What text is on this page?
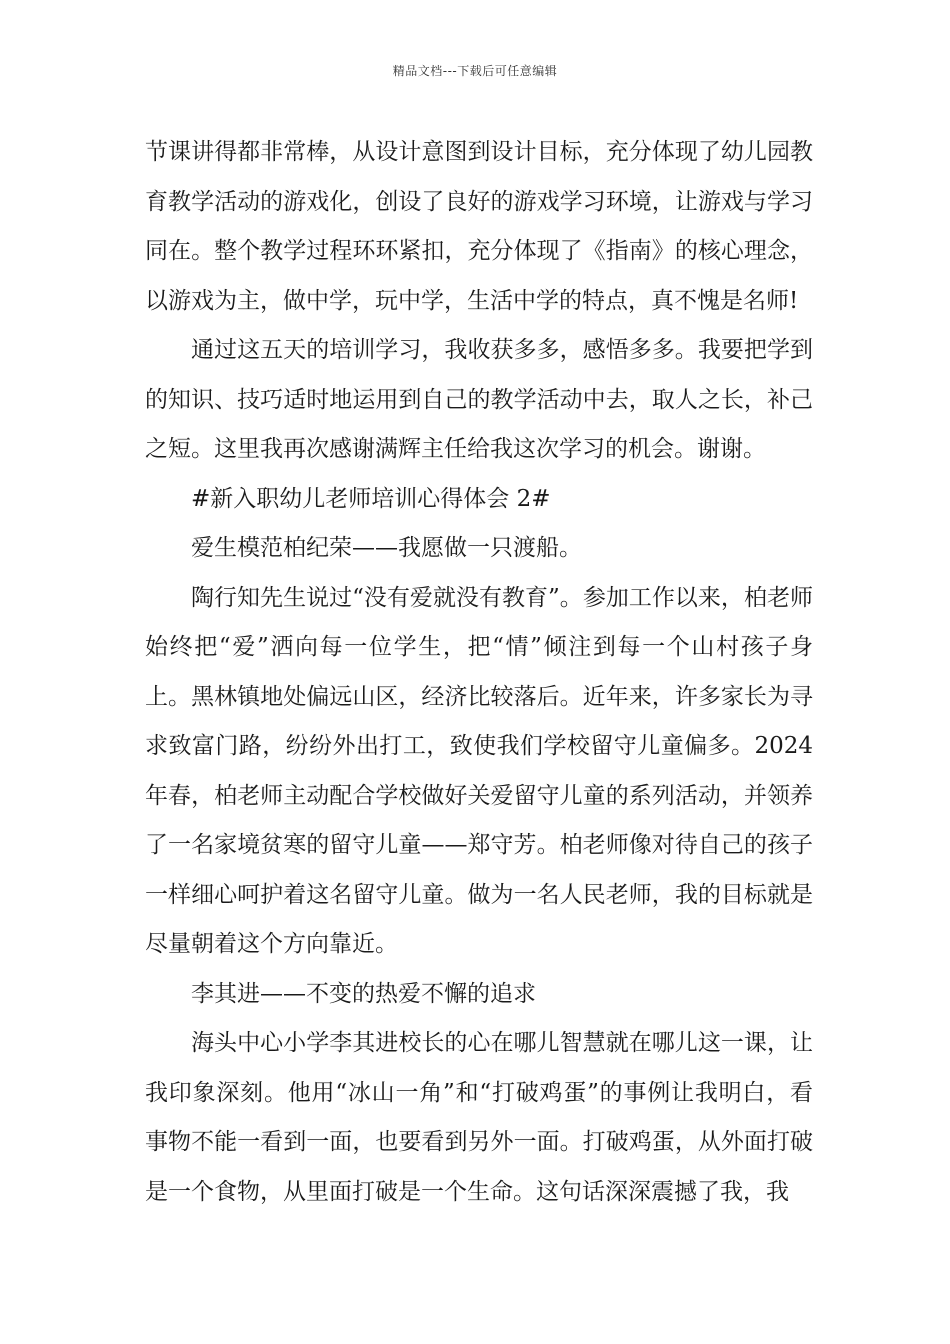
精品文档---下载后可任意编辑

节课讲得都非常棒，从设计意图到设计目标，充分体现了幼儿园教育教学活动的游戏化，创设了良好的游戏学习环境，让游戏与学习同在。整个教学过程环环紧扣，充分体现了《指南》的核心理念，以游戏为主，做中学，玩中学，生活中学的特点，真不愧是名师!

通过这五天的培训学习，我收获多多，感悟多多。我要把学到的知识、技巧适时地运用到自己的教学活动中去，取人之长，补己之短。这里我再次感谢满辉主任给我这次学习的机会。谢谢。

#新入职幼儿老师培训心得体会 2#

爱生模范柏纪荣——我愿做一只渡船。

陶行知先生说过“没有爱就没有教育”。参加工作以来，柏老师始终把“爱”洒向每一位学生，把“情”倾注到每一个山村孩子身上。黑林镇地处偏远山区，经济比较落后。近年来，许多家长为寻求致富门路，纷纷外出打工，致使我们学校留守儿童偏多。2024年春，柏老师主动配合学校做好关爱留守儿童的系列活动，并领养了一名家境贫寒的留守儿童——郑守芳。柏老师像对待自己的孩子一样细心呵护着这名留守儿童。做为一名人民老师，我的目标就是尽量朝着这个方向靠近。

李其进——不变的热爱不懈的追求

海头中心小学李其进校长的心在哪儿智慧就在哪儿这一课，让我印象深刻。他用“冰山一角”和“打破鸡蛋”的事例让我明白，看事物不能一看到一面，也要看到另外一面。打破鸡蛋，从外面打破是一个食物，从里面打破是一个生命。这句话深深震撼了我，我
